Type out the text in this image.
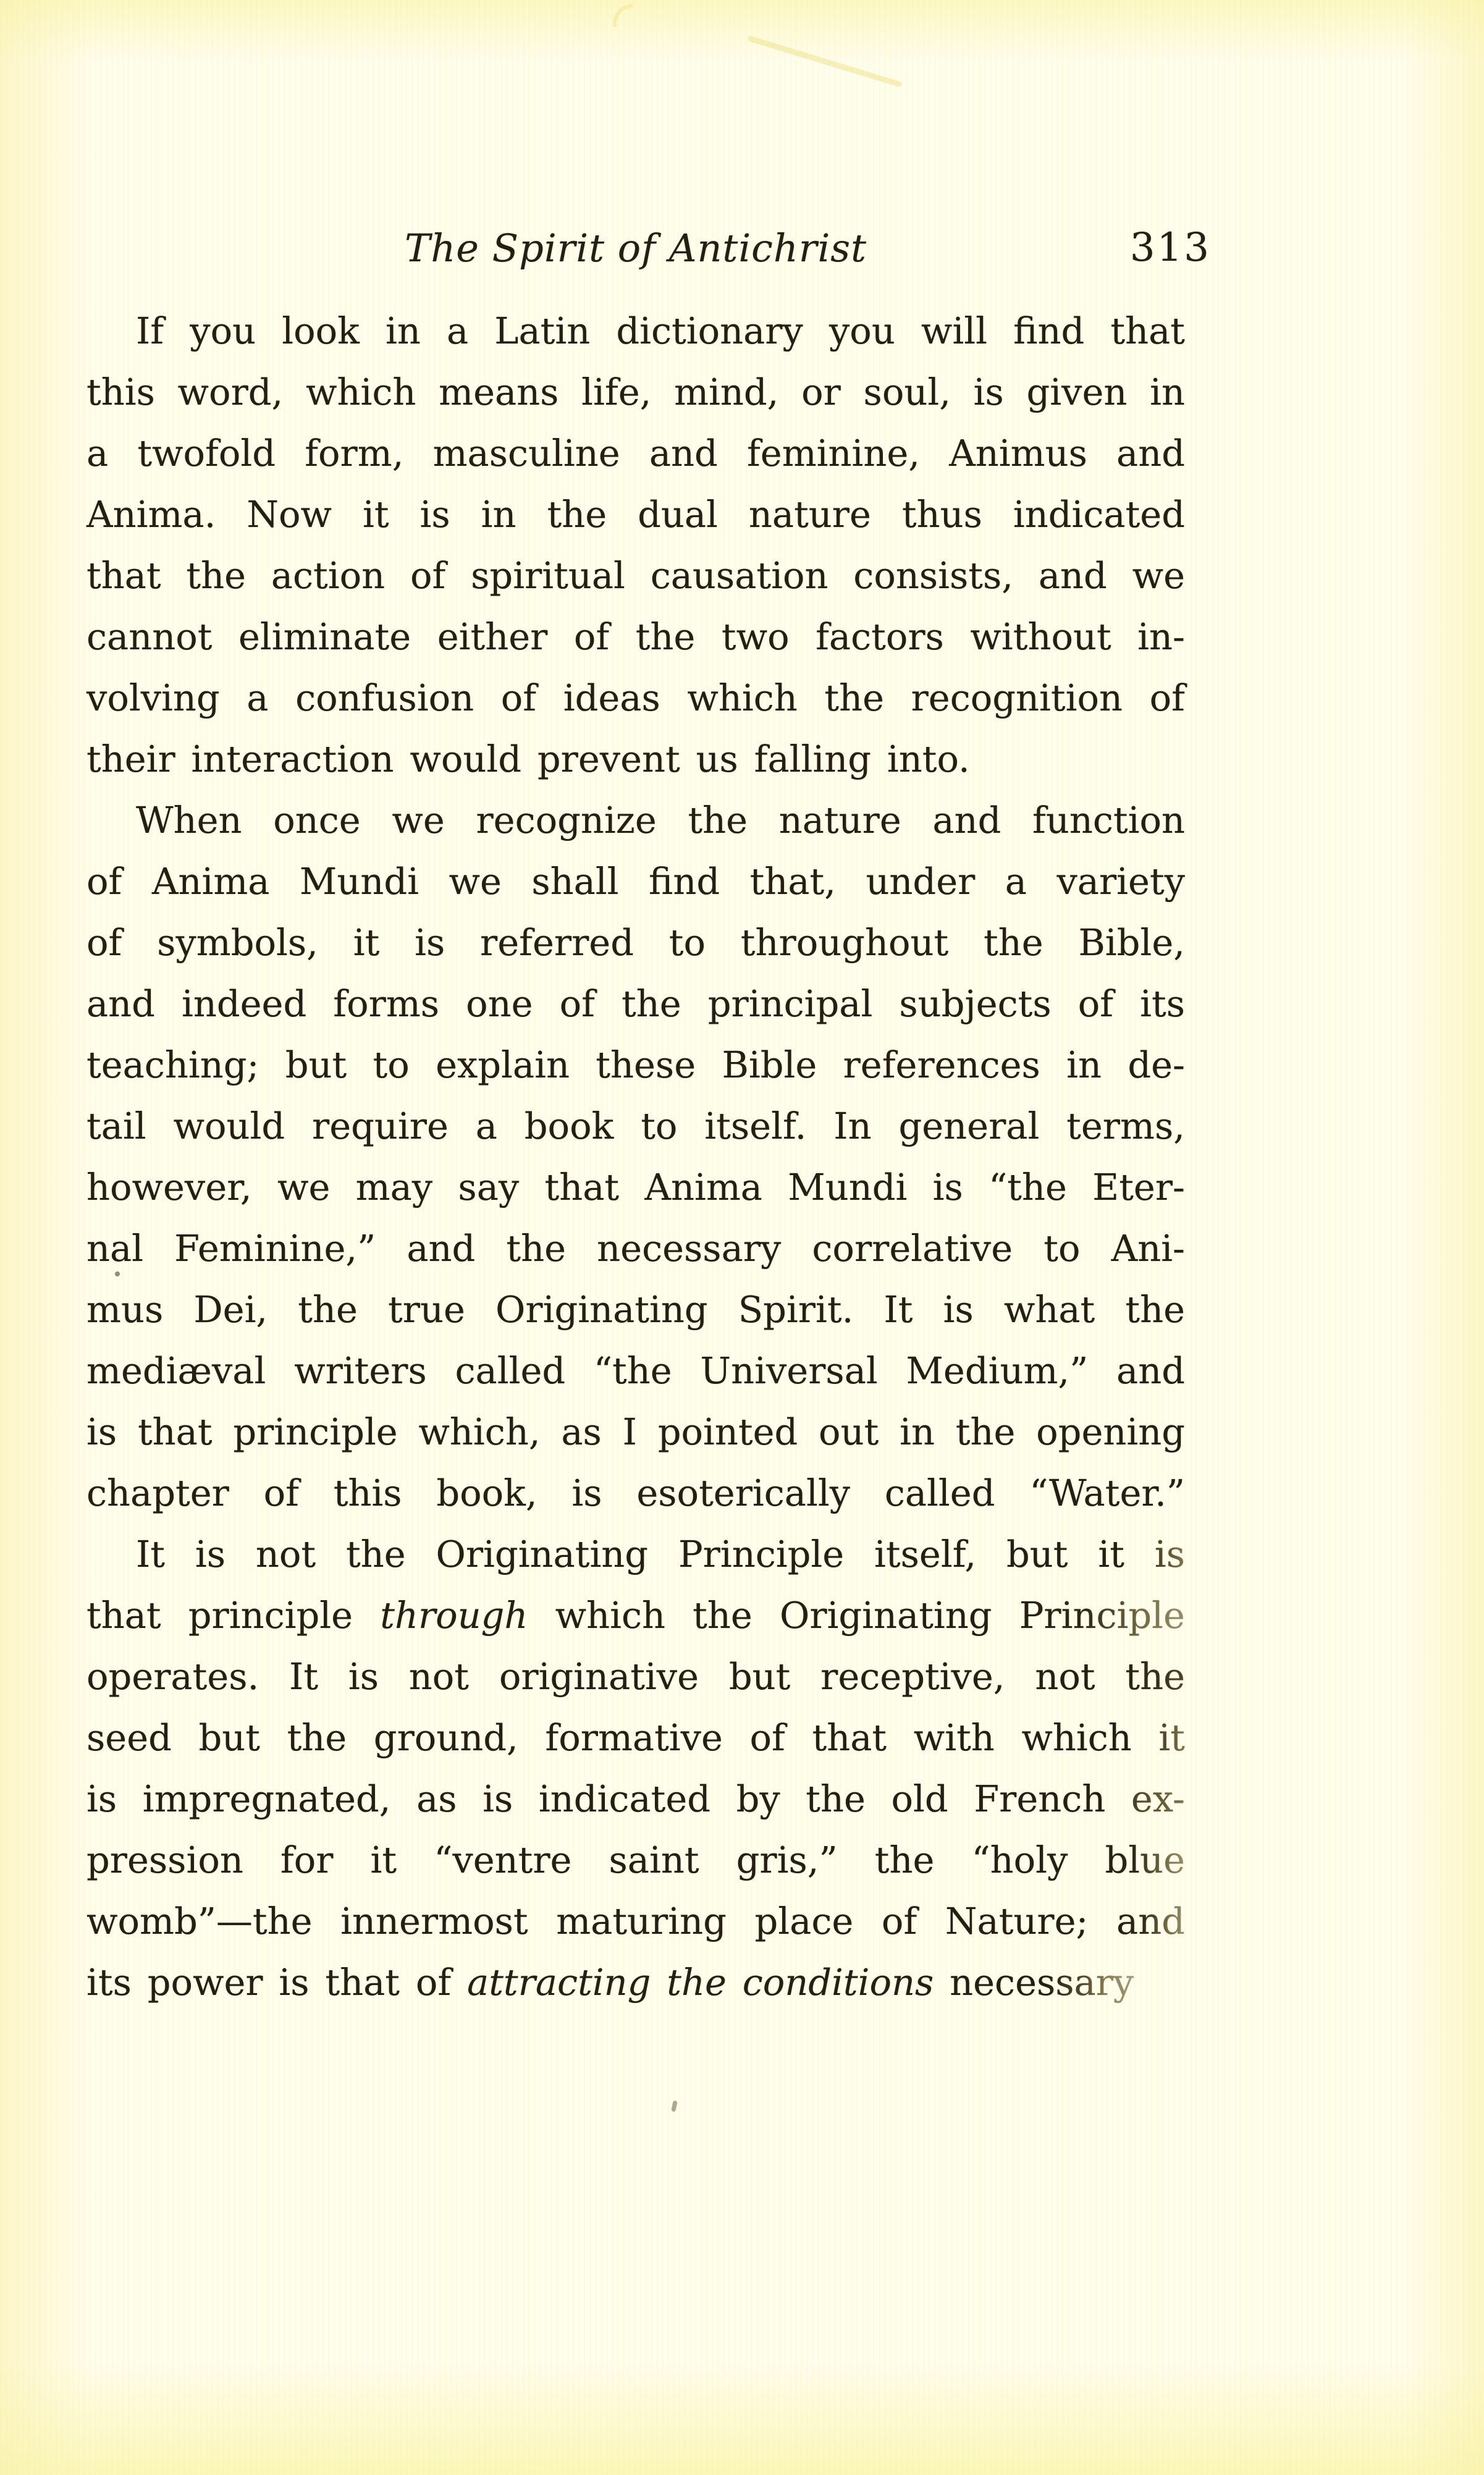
The Spirit of Antichrist	313
If you look in a Latin dictionary you will find that
this word, which means life, mind, or soul, is given in
a twofold form, masculine and feminine, Animus and
Anima. Now it is in the dual nature thus indicated
that the action of spiritual causation consists, and we
cannot eliminate either of the two factors without in-
volving a confusion of ideas which the recognition of
their interaction would prevent us falling into.
When once we recognize the nature and function
of Anima Mundi we shall find that, under a variety
of symbols, it is referred to throughout the Bible,
and indeed forms one of the principal subjects of its
teaching; but to explain these Bible references in de-
tail would require a book to itself. In general terms,
however, we may say that Anima Mundi is “the Eter-
nal Feminine,” and the necessary correlative to Ani-
mus Dei, the true Originating Spirit. It is what the
mediæval writers called “the Universal Medium,” and
is that principle which, as I pointed out in the opening
chapter of this book, is esoterically called “Water.”
It is not the Originating Principle itself, but it is
that principle through which the Originating Principle
operates. It is not originative but receptive, not the
seed but the ground, formative of that with which it
is impregnated, as is indicated by the old French ex-
pression for it “ventre saint gris,” the “holy blue
womb”—the innermost maturing place of Nature; and
its power is that of attracting the conditions necessary
